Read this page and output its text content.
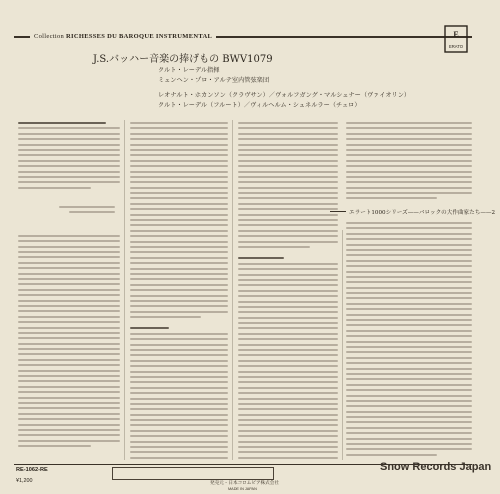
Collection RICHESSES DU BAROQUE INSTRUMENTAL	E
ERATO
J.S.バッハー音楽の捧げもの BWV1079
クルト・レーデル指揮
ミュンヘン・プロ・アルテ室内管弦楽団
レオナルト・ホカンソン（クラヴサン）／ヴォルフガング・マルシュナー（ヴァイオリン）
クルト・レーデル（フルート）／ヴィルヘルム・シュネルラー（チェロ）
エラート1000シリーズ——バロックの大作曲家たち——2
RE-1062-RE
¥1,200	発売元・日本コロムビア株式会社
MADE IN JAPAN
Snow Records Japan
